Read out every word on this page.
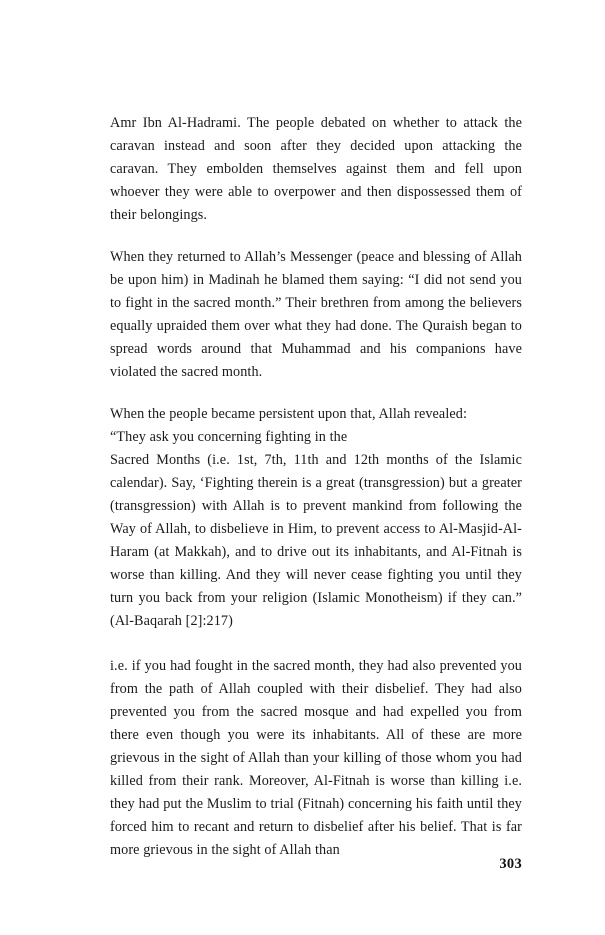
Amr Ibn Al-Hadrami. The people debated on whether to attack the caravan instead and soon after they decided upon attacking the caravan. They embolden themselves against them and fell upon whoever they were able to overpower and then dispossessed them of their belongings.

When they returned to Allah’s Messenger (peace and blessing of Allah be upon him) in Madinah he blamed them saying: “I did not send you to fight in the sacred month.” Their brethren from among the believers equally upraided them over what they had done. The Quraish began to spread words around that Muhammad and his companions have violated the sacred month.

When the people became persistent upon that, Allah revealed:
“They ask you concerning fighting in the
Sacred Months (i.e. 1st, 7th, 11th and 12th months of the Islamic calendar). Say, ‘Fighting therein is a great (transgression) but a greater (transgression) with Allah is to prevent mankind from following the Way of Allah, to disbelieve in Him, to prevent access to Al-Masjid-Al-Haram (at Makkah), and to drive out its inhabitants, and Al-Fitnah is worse than killing. And they will never cease fighting you until they turn you back from your religion (Islamic Monotheism) if they can.” (Al-Baqarah [2]:217)

i.e. if you had fought in the sacred month, they had also prevented you from the path of Allah coupled with their disbelief. They had also prevented you from the sacred mosque and had expelled you from there even though you were its inhabitants. All of these are more grievous in the sight of Allah than your killing of those whom you had killed from their rank. Moreover, Al-Fitnah is worse than killing i.e. they had put the Muslim to trial (Fitnah) concerning his faith until they forced him to recant and return to disbelief after his belief. That is far more grievous in the sight of Allah than

303
